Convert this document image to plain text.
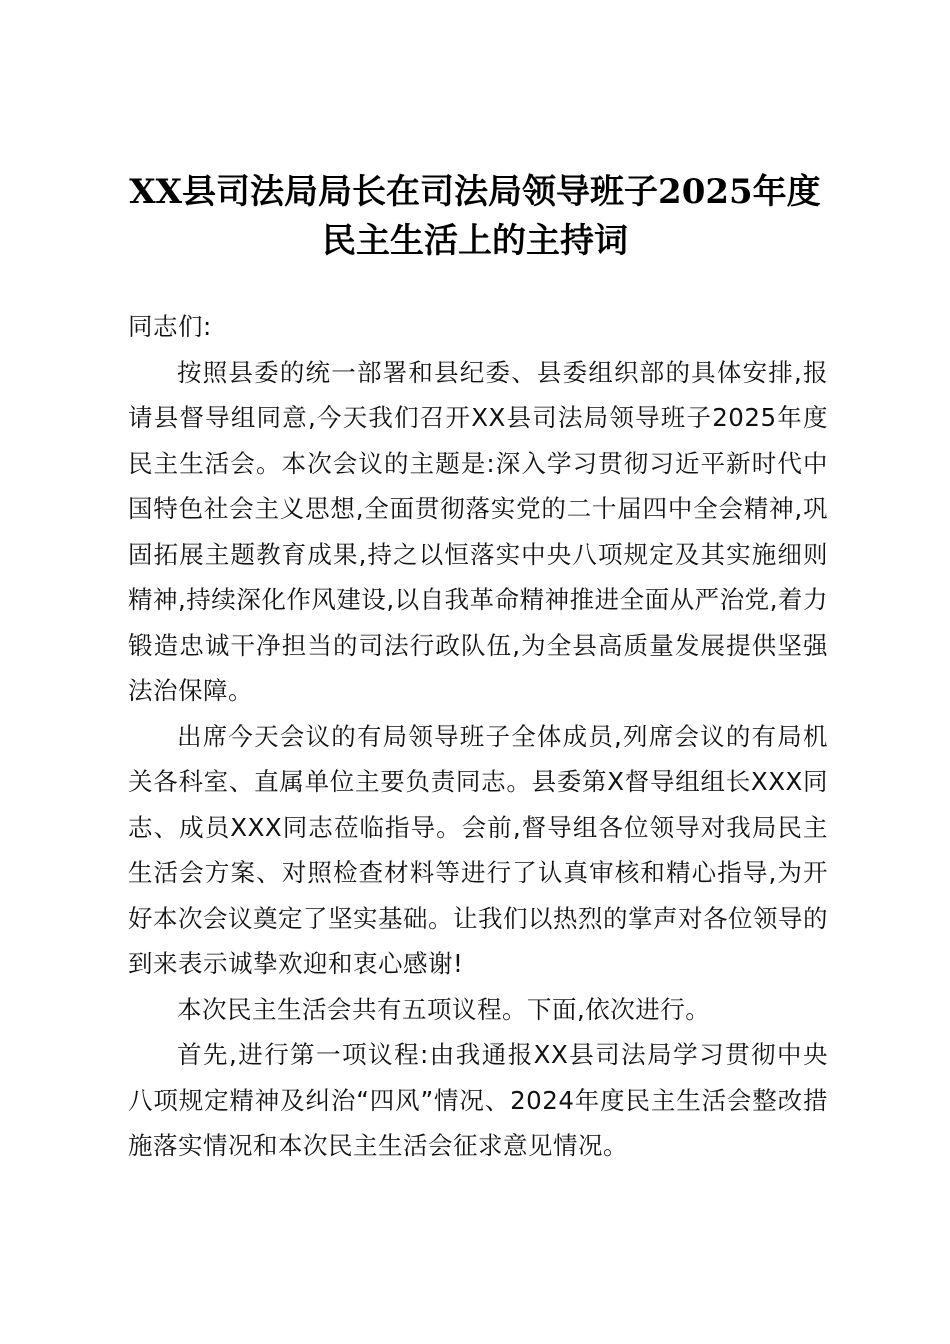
XX县司法局局长在司法局领导班子2025年度
民主生活上的主持词

同志们:

按照县委的统一部署和县纪委、县委组织部的具体安排,报请县督导组同意,今天我们召开XX县司法局领导班子2025年度民主生活会。本次会议的主题是:深入学习贯彻习近平新时代中国特色社会主义思想,全面贯彻落实党的二十届四中全会精神,巩固拓展主题教育成果,持之以恒落实中央八项规定及其实施细则精神,持续深化作风建设,以自我革命精神推进全面从严治党,着力锻造忠诚干净担当的司法行政队伍,为全县高质量发展提供坚强法治保障。

出席今天会议的有局领导班子全体成员,列席会议的有局机关各科室、直属单位主要负责同志。县委第X督导组组长XXX同志、成员XXX同志莅临指导。会前,督导组各位领导对我局民主生活会方案、对照检查材料等进行了认真审核和精心指导,为开好本次会议奠定了坚实基础。让我们以热烈的掌声对各位领导的到来表示诚挚欢迎和衷心感谢!

本次民主生活会共有五项议程。下面,依次进行。

首先,进行第一项议程:由我通报XX县司法局学习贯彻中央八项规定精神及纠治“四风”情况、2024年度民主生活会整改措施落实情况和本次民主生活会征求意见情况。
